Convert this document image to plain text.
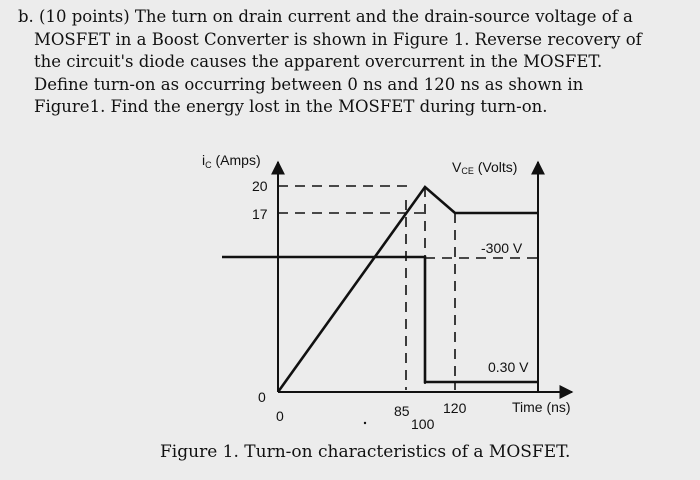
b. (10 points) The turn on drain current and the drain-source voltage of a
MOSFET in a Boost Converter is shown in Figure 1. Reverse recovery of
the circuit's diode causes the apparent overcurrent in the MOSFET.
Define turn-on as occurring between 0 ns and 120 ns as shown in
Figure1. Find the energy lost in the MOSFET during turn-on.
$i_C$ (Amps)	VCE (Volts)
20
17
0
0	85
100
120	Time (ns)
-300 V
0.30 V
Figure 1. Turn-on characteristics of a MOSFET.
